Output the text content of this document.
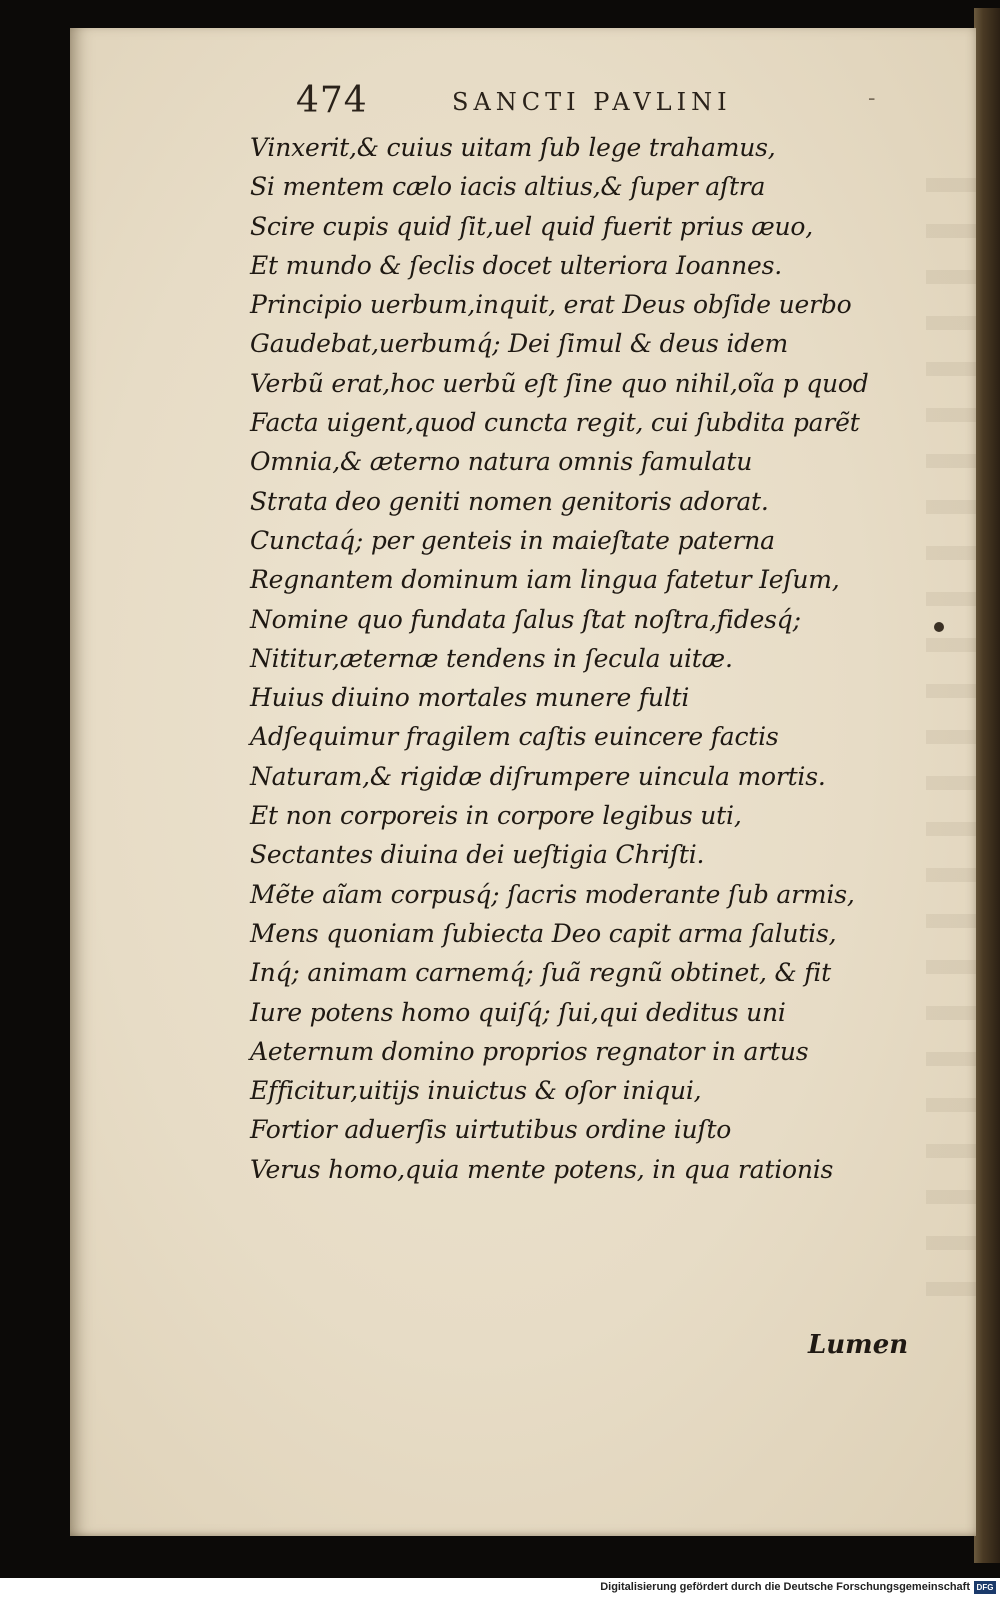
474	SANCTI PAVLINI	-
Vinxerit,& cuius uitam ſub lege trahamus,
Si mentem cælo iacis altius,& ſuper aſtra
Scire cupis quid ſit,uel quid fuerit prius æuo,
Et mundo & ſeclis docet ulteriora Ioannes.
Principio uerbum,inquit, erat Deus obſide uerbo
Gaudebat,uerbumq́; Dei ſimul & deus idem
Verbũ erat,hoc uerbũ eſt ſine quo nihil,oĩa p quod
Facta uigent,quod cuncta regit, cui ſubdita parẽt
Omnia,& æterno natura omnis famulatu
Strata deo geniti nomen genitoris adorat.
Cunctaq́; per genteis in maieſtate paterna
Regnantem dominum iam lingua fatetur Ieſum,
Nomine quo fundata ſalus ſtat noſtra,fidesq́;
Nititur,æternæ tendens in ſecula uitæ.
Huius diuino mortales munere fulti
Adſequimur fragilem caſtis euincere factis
Naturam,& rigidæ diſrumpere uincula mortis.
Et non corporeis in corpore legibus uti,
Sectantes diuina dei ueſtigia Chriſti.
Mẽte aĩam corpusq́; ſacris moderante ſub armis,
Mens quoniam ſubiecta Deo capit arma ſalutis,
Inq́; animam carnemq́; ſuã regnũ obtinet, & fit
Iure potens homo quiſq́; ſui,qui deditus uni
Aeternum domino proprios regnator in artus
Efficitur,uitijs inuictus & oſor iniqui,
Fortior aduerſis uirtutibus ordine iuſto
Verus homo,quia mente potens, in qua rationis
Lumen
Digitalisierung gefördert durch die Deutsche Forschungsgemeinschaft DFG
